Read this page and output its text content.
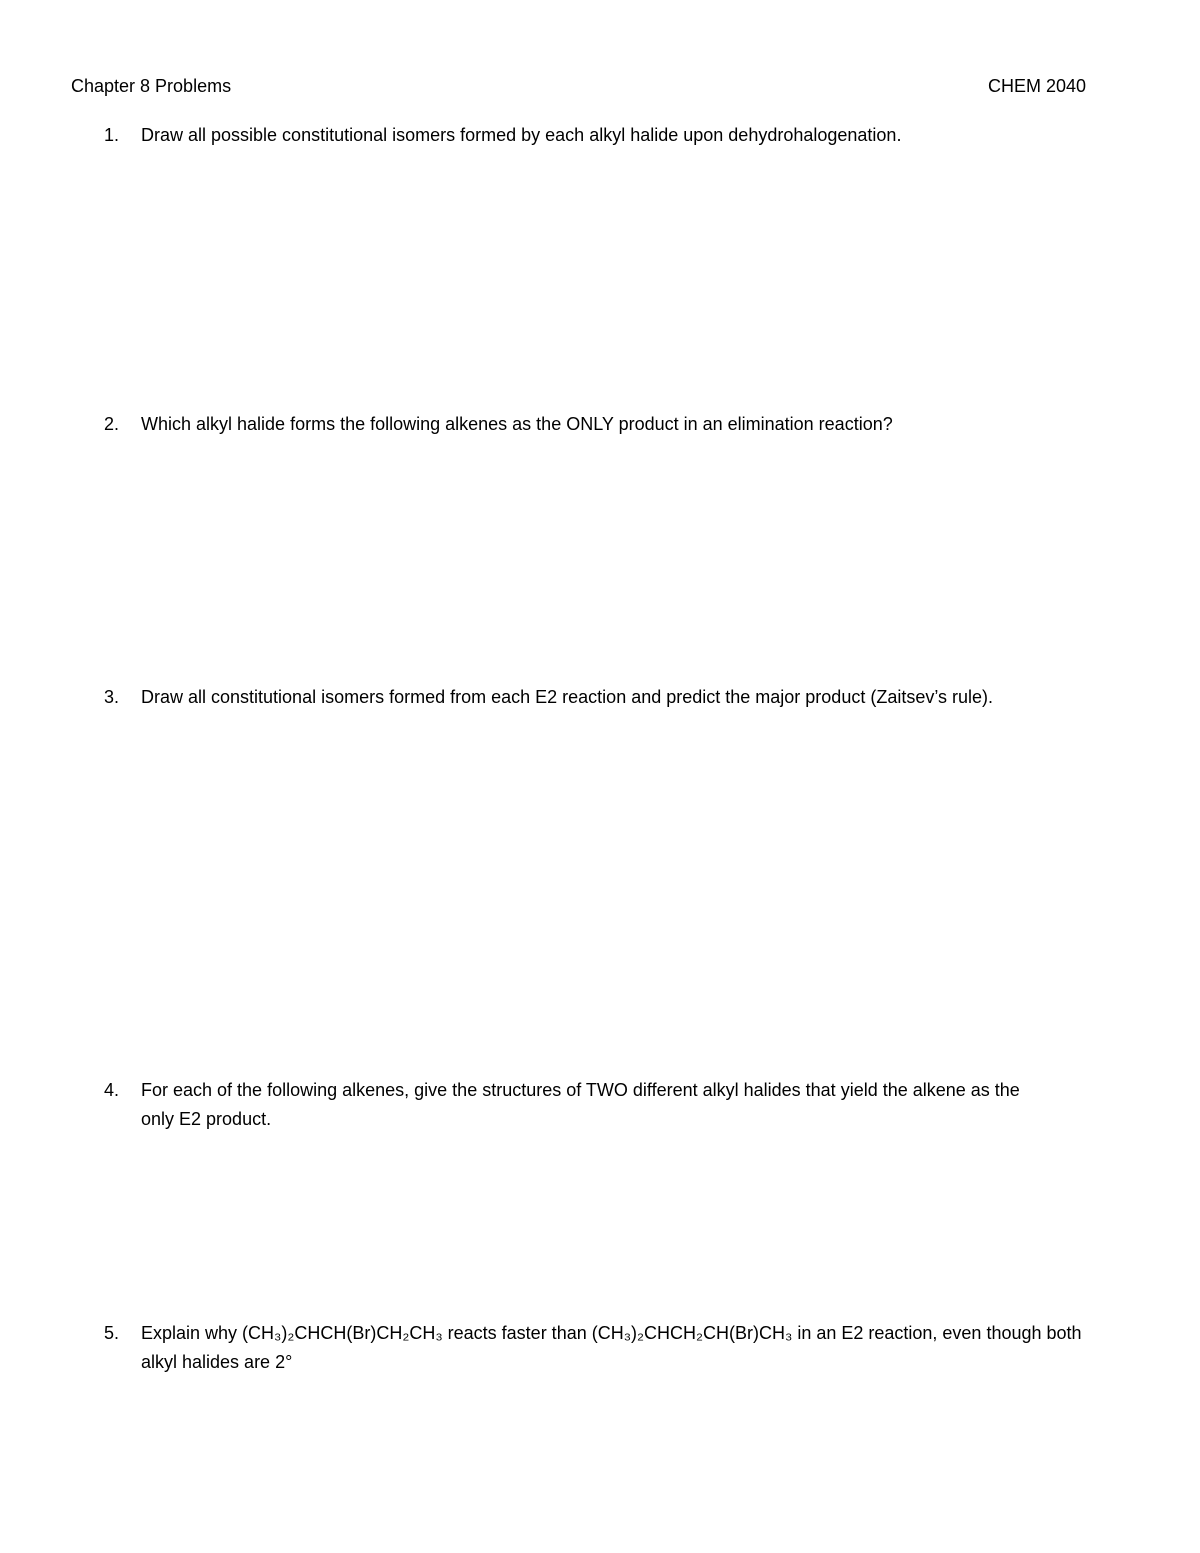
Chapter 8 Problems	CHEM 2040
1.	Draw all possible constitutional isomers formed by each alkyl halide upon dehydrohalogenation.
2.	Which alkyl halide forms the following alkenes as the ONLY product in an elimination reaction?
3.	Draw all constitutional isomers formed from each E2 reaction and predict the major product (Zaitsev’s rule).
4.	For each of the following alkenes, give the structures of TWO different alkyl halides that yield the alkene as the
only E2 product.
5.	Explain why (CH₃)₂CHCH(Br)CH₂CH₃ reacts faster than (CH₃)₂CHCH₂CH(Br)CH₃ in an E2 reaction, even though both
alkyl halides are 2°
